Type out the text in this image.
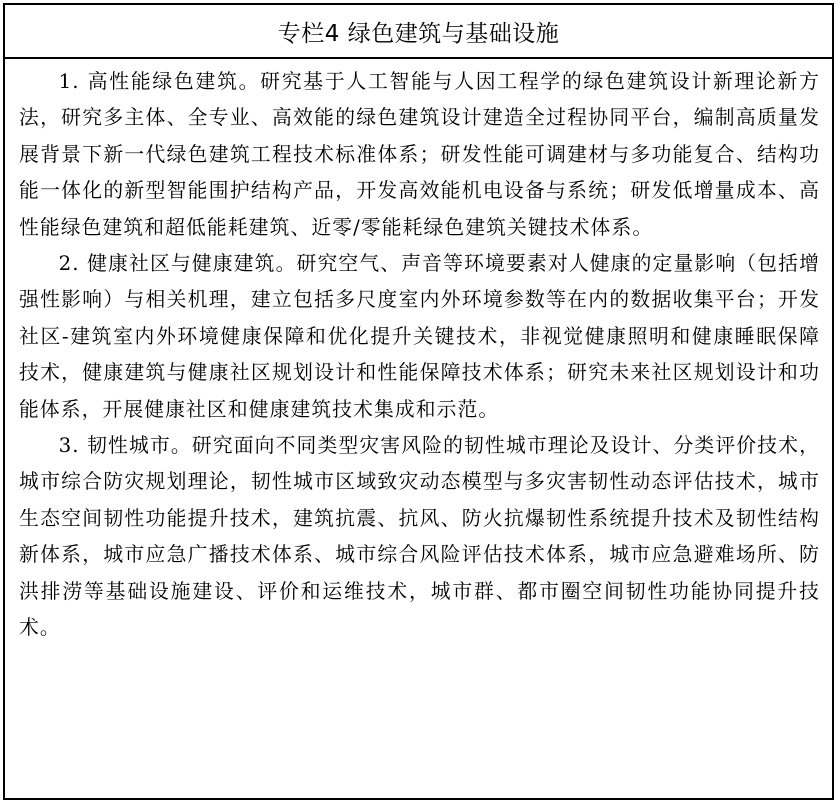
专栏4 绿色建筑与基础设施

1. 高性能绿色建筑。研究基于人工智能与人因工程学的绿色建筑设计新理论新方法，研究多主体、全专业、高效能的绿色建筑设计建造全过程协同平台，编制高质量发展背景下新一代绿色建筑工程技术标准体系；研发性能可调建材与多功能复合、结构功能一体化的新型智能围护结构产品，开发高效能机电设备与系统；研发低增量成本、高性能绿色建筑和超低能耗建筑、近零/零能耗绿色建筑关键技术体系。

2. 健康社区与健康建筑。研究空气、声音等环境要素对人健康的定量影响（包括增强性影响）与相关机理，建立包括多尺度室内外环境参数等在内的数据收集平台；开发社区-建筑室内外环境健康保障和优化提升关键技术，非视觉健康照明和健康睡眠保障技术，健康建筑与健康社区规划设计和性能保障技术体系；研究未来社区规划设计和功能体系，开展健康社区和健康建筑技术集成和示范。

3. 韧性城市。研究面向不同类型灾害风险的韧性城市理论及设计、分类评价技术，城市综合防灾规划理论，韧性城市区域致灾动态模型与多灾害韧性动态评估技术，城市生态空间韧性功能提升技术，建筑抗震、抗风、防火抗爆韧性系统提升技术及韧性结构新体系，城市应急广播技术体系、城市综合风险评估技术体系，城市应急避难场所、防洪排涝等基础设施建设、评价和运维技术，城市群、都市圈空间韧性功能协同提升技术。
